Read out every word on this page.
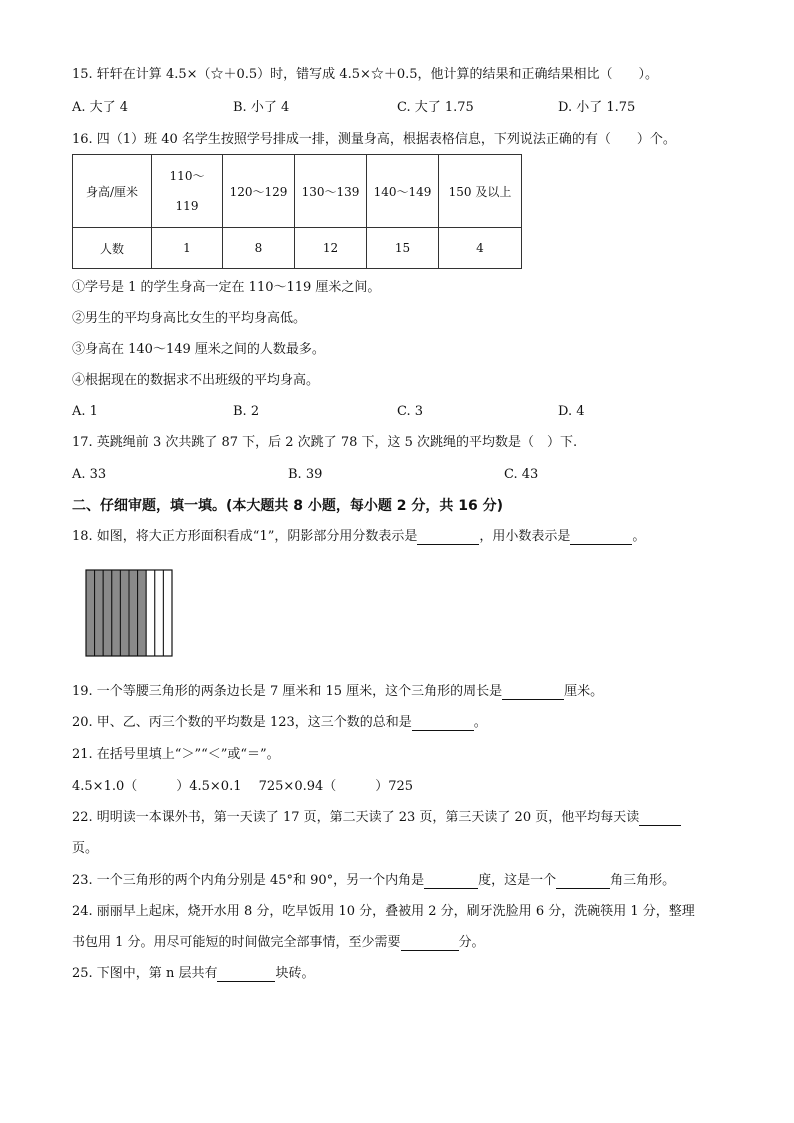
15. 轩轩在计算 4.5×（☆＋0.5）时，错写成 4.5×☆＋0.5，他计算的结果和正确结果相比（　　）。
A. 大了 4	B. 小了 4	C. 大了 1.75	D. 小了 1.75
16. 四（1）班 40 名学生按照学号排成一排，测量身高，根据表格信息，下列说法正确的有（　　）个。
身高/厘米	110～119	120～129	130～139	140～149	150 及以上
人数	1	8	12	15	4
①学号是 1 的学生身高一定在 110～119 厘米之间。
②男生的平均身高比女生的平均身高低。
③身高在 140～149 厘米之间的人数最多。
④根据现在的数据求不出班级的平均身高。
A. 1	B. 2	C. 3	D. 4
17. 英跳绳前 3 次共跳了 87 下，后 2 次跳了 78 下，这 5 次跳绳的平均数是（　）下.
A. 33	B. 39	C. 43
二、仔细审题，填一填。(本大题共 8 小题，每小题 2 分，共 16 分)
18. 如图，将大正方形面积看成“1”，阴影部分用分数表示是	，用小数表示是	。
19. 一个等腰三角形的两条边长是 7 厘米和 15 厘米，这个三角形的周长是	厘米。
20. 甲、乙、丙三个数的平均数是 123，这三个数的总和是	。
21. 在括号里填上“＞”“＜”或“＝”。
4.5×1.0（　　　）4.5×0.1　 725×0.94（　　　）725
22. 明明读一本课外书，第一天读了 17 页，第二天读了 23 页，第三天读了 20 页，他平均每天读
页。
23. 一个三角形的两个内角分别是 45°和 90°，另一个内角是	度，这是一个	角三角形。
24. 丽丽早上起床，烧开水用 8 分，吃早饭用 10 分，叠被用 2 分，刷牙洗脸用 6 分，洗碗筷用 1 分，整理
书包用 1 分。用尽可能短的时间做完全部事情，至少需要	分。
25. 下图中，第 n 层共有	块砖。
